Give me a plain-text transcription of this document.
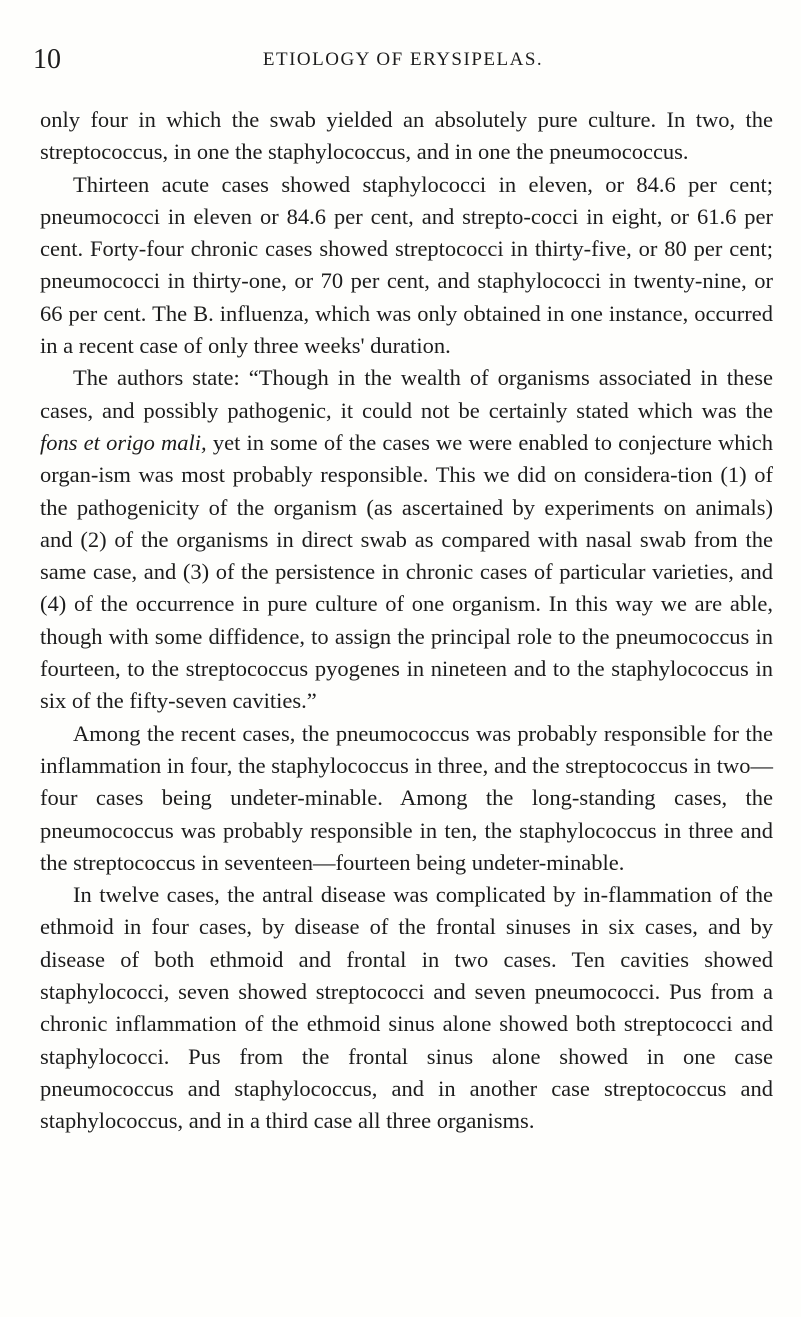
10	ETIOLOGY OF ERYSIPELAS.

only four in which the swab yielded an absolutely pure culture. In two, the streptococcus, in one the staphylococcus, and in one the pneumococcus.

Thirteen acute cases showed staphylococci in eleven, or 84.6 per cent; pneumococci in eleven or 84.6 per cent, and strepto-cocci in eight, or 61.6 per cent. Forty-four chronic cases showed streptococci in thirty-five, or 80 per cent; pneumococci in thirty-one, or 70 per cent, and staphylococci in twenty-nine, or 66 per cent. The B. influenza, which was only obtained in one instance, occurred in a recent case of only three weeks' duration.

The authors state: “Though in the wealth of organisms associated in these cases, and possibly pathogenic, it could not be certainly stated which was the fons et origo mali, yet in some of the cases we were enabled to conjecture which organ-ism was most probably responsible. This we did on considera-tion (1) of the pathogenicity of the organism (as ascertained by experiments on animals) and (2) of the organisms in direct swab as compared with nasal swab from the same case, and (3) of the persistence in chronic cases of particular varieties, and (4) of the occurrence in pure culture of one organism. In this way we are able, though with some diffidence, to assign the principal role to the pneumococcus in fourteen, to the streptococcus pyogenes in nineteen and to the staphylococcus in six of the fifty-seven cavities.”

Among the recent cases, the pneumococcus was probably responsible for the inflammation in four, the staphylococcus in three, and the streptococcus in two—four cases being undeter-minable. Among the long-standing cases, the pneumococcus was probably responsible in ten, the staphylococcus in three and the streptococcus in seventeen—fourteen being undeter-minable.

In twelve cases, the antral disease was complicated by in-flammation of the ethmoid in four cases, by disease of the frontal sinuses in six cases, and by disease of both ethmoid and frontal in two cases. Ten cavities showed staphylococci, seven showed streptococci and seven pneumococci. Pus from a chronic inflammation of the ethmoid sinus alone showed both streptococci and staphylococci. Pus from the frontal sinus alone showed in one case pneumococcus and staphylococcus, and in another case streptococcus and staphylococcus, and in a third case all three organisms.
